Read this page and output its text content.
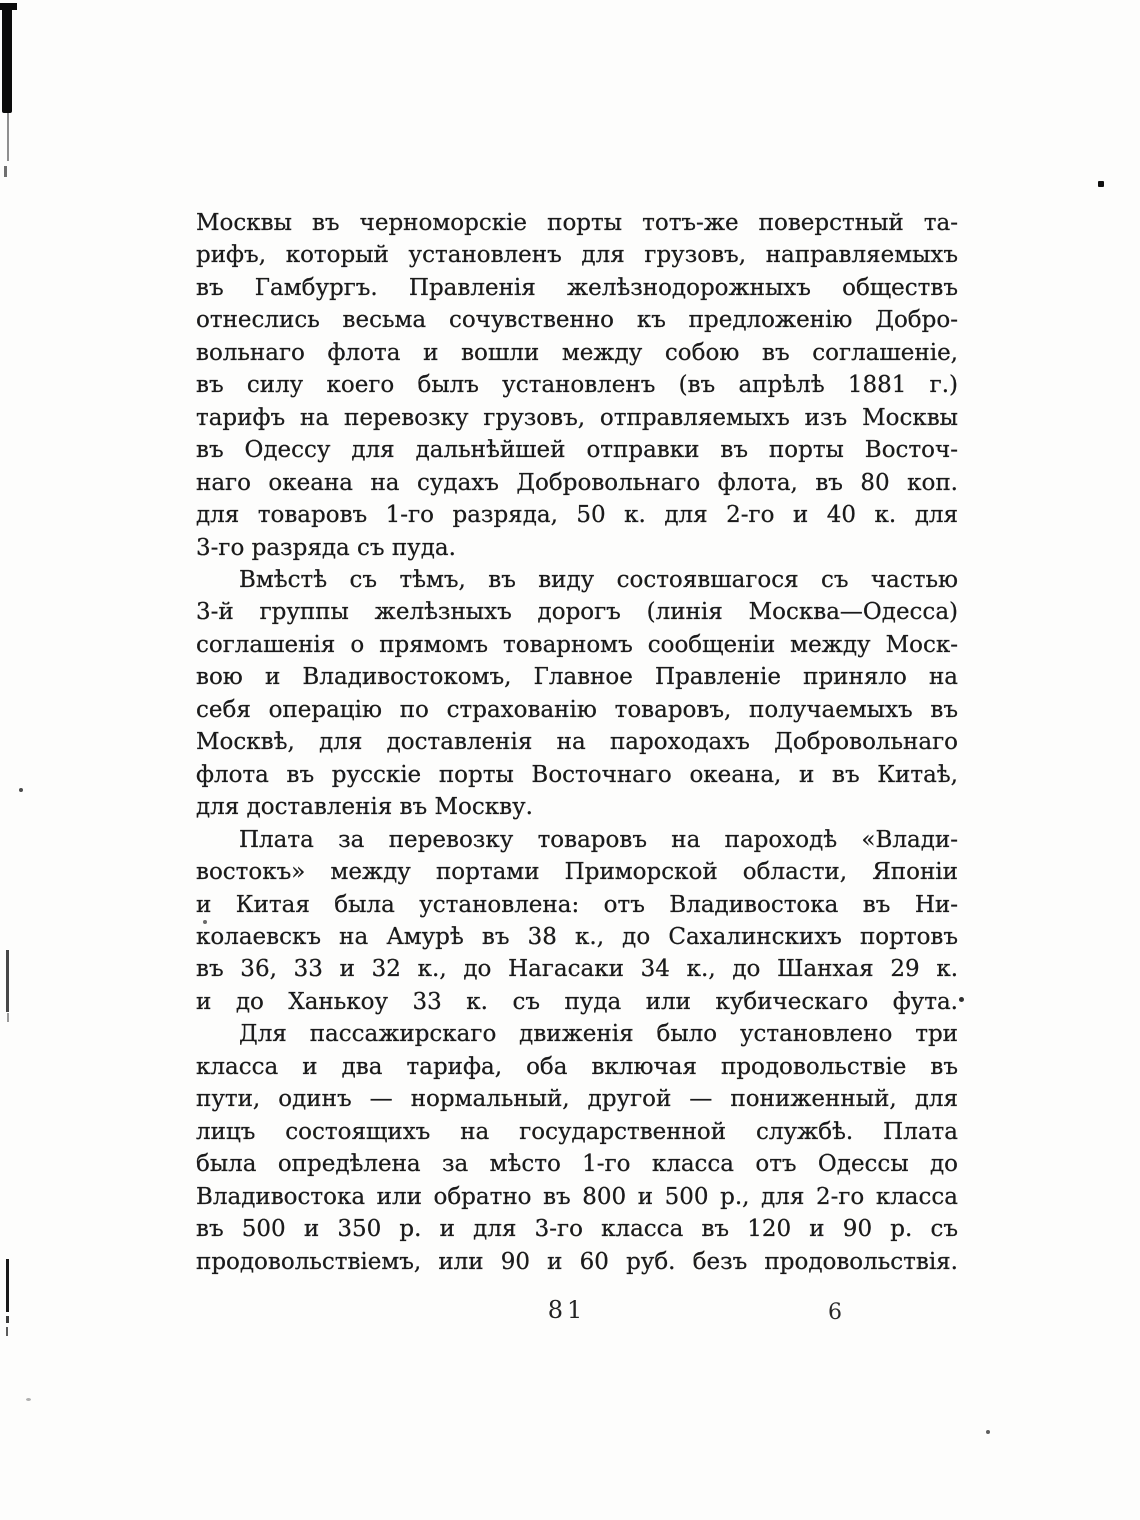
Москвы въ черноморскіе порты тотъ-же поверстный та-
рифъ, который установленъ для грузовъ, направляемыхъ
въ Гамбургъ. Правленія желѣзнодорожныхъ обществъ
отнеслись весьма сочувственно къ предложенію Добро-
вольнаго флота и вошли между собою въ соглашеніе,
въ силу коего былъ установленъ (въ апрѣлѣ 1881 г.)
тарифъ на перевозку грузовъ, отправляемыхъ изъ Москвы
въ Одессу для дальнѣйшей отправки въ порты Восточ-
наго океана на судахъ Добровольнаго флота, въ 80 коп.
для товаровъ 1-го разряда, 50 к. для 2-го и 40 к. для
3-го разряда съ пуда.
Вмѣстѣ съ тѣмъ, въ виду состоявшагося съ частью
3-й группы желѣзныхъ дорогъ (линія Москва—Одесса)
соглашенія о прямомъ товарномъ сообщеніи между Моск-
вою и Владивостокомъ, Главное Правленіе приняло на
себя операцію по страхованію товаровъ, получаемыхъ въ
Москвѣ, для доставленія на пароходахъ Добровольнаго
флота въ русскіе порты Восточнаго океана, и въ Китаѣ,
для доставленія въ Москву.
Плата за перевозку товаровъ на пароходѣ «Влади-
востокъ» между портами Приморской области, Японіи
и Китая была установлена: отъ Владивостока въ Ни-
колаевскъ на Амурѣ въ 38 к., до Сахалинскихъ портовъ
въ 36, 33 и 32 к., до Нагасаки 34 к., до Шанхая 29 к.
и до Ханькоу 33 к. съ пуда или кубическаго фута.
Для пассажирскаго движенія было установлено три
класса и два тарифа, оба включая продовольствіе въ
пути, одинъ — нормальный, другой — пониженный, для
лицъ состоящихъ на государственной службѣ. Плата
была опредѣлена за мѣсто 1-го класса отъ Одессы до
Владивостока или обратно въ 800 и 500 р., для 2-го класса
въ 500 и 350 р. и для 3-го класса въ 120 и 90 р. съ
продовольствіемъ, или 90 и 60 руб. безъ продовольствія.
81	6
